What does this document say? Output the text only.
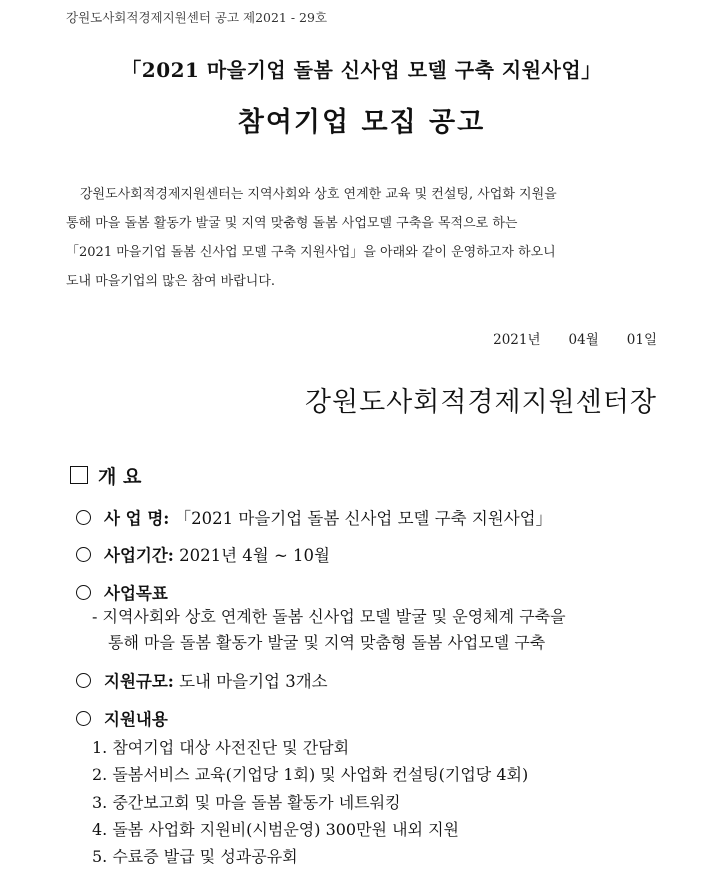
강원도사회적경제지원센터 공고 제2021 - 29호
「2021 마을기업 돌봄 신사업 모델 구축 지원사업」
참여기업 모집 공고
강원도사회적경제지원센터는 지역사회와 상호 연계한 교육 및 컨설팅, 사업화 지원을
통해 마을 돌봄 활동가 발굴 및 지역 맞춤형 돌봄 사업모델 구축을 목적으로 하는
「2021 마을기업 돌봄 신사업 모델 구축 지원사업」을 아래와 같이 운영하고자 하오니
도내 마을기업의 많은 참여 바랍니다.
2021년 04월 01일
강원도사회적경제지원센터장
개 요
사 업 명: 「2021 마을기업 돌봄 신사업 모델 구축 지원사업」
사업기간: 2021년 4월 ~ 10월
사업목표
- 지역사회와 상호 연계한 돌봄 신사업 모델 발굴 및 운영체계 구축을
통해 마을 돌봄 활동가 발굴 및 지역 맞춤형 돌봄 사업모델 구축
지원규모: 도내 마을기업 3개소
지원내용
1. 참여기업 대상 사전진단 및 간담회
2. 돌봄서비스 교육(기업당 1회) 및 사업화 컨설팅(기업당 4회)
3. 중간보고회 및 마을 돌봄 활동가 네트워킹
4. 돌봄 사업화 지원비(시범운영) 300만원 내외 지원
5. 수료증 발급 및 성과공유회
